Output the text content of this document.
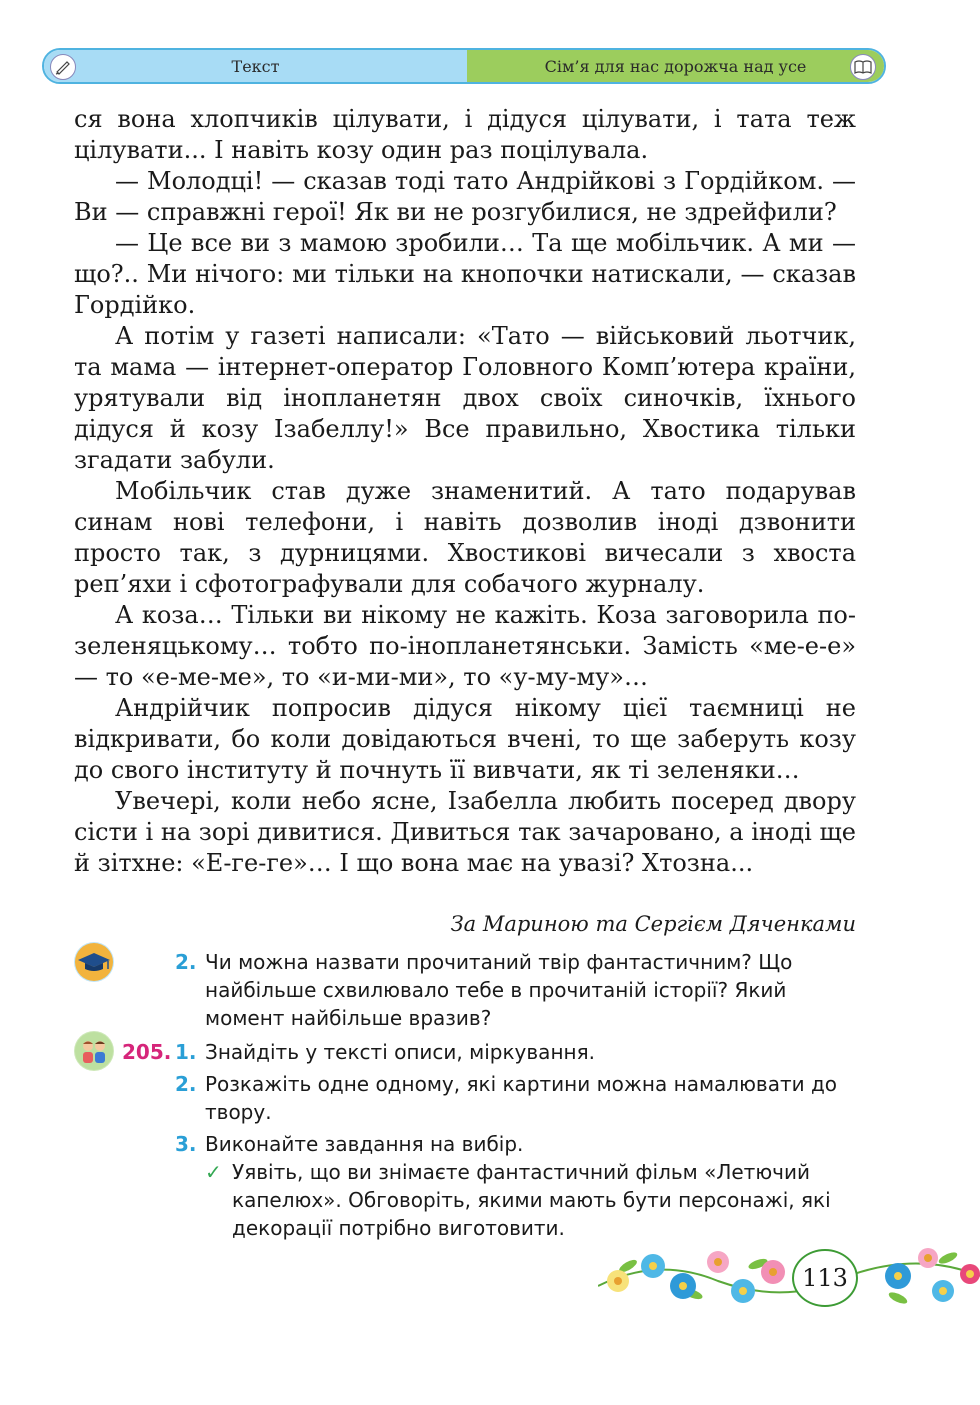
Текст	Сім’я для нас дорожча над усе

ся вона хлопчиків цілувати, і дідуся цілувати, і тата теж цілувати... І навіть козу один раз поцілувала.

— Молодці! — сказав тоді тато Андрійкові з Гордійком. — Ви — справжні герої! Як ви не розгубилися, не здрейфили?

— Це все ви з мамою зробили… Та ще мобільчик. А ми — що?.. Ми нічого: ми тільки на кнопочки натискали, — сказав Гордійко.

А потім у газеті написали: «Тато — військовий льотчик, та мама — інтернет-оператор Головного Комп’ютера країни, урятували від інопланетян двох своїх синочків, їхнього дідуся й козу Ізабеллу!» Все правильно, Хвостика тільки згадати забули.

Мобільчик став дуже знаменитий. А тато подарував синам нові телефони, і навіть дозволив іноді дзвонити просто так, з дурницями. Хвостикові вичесали з хвоста реп’яхи і сфотографували для собачого журналу.

А коза… Тільки ви нікому не кажіть. Коза заговорила по-зеленяцькому… тобто по-інопланетянськи. Замість «ме-е-е» — то «е-ме-ме», то «и-ми-ми», то «у-му-му»…

Андрійчик попросив дідуся нікому цієї таємниці не відкривати, бо коли довідаються вчені, то ще заберуть козу до свого інституту й почнуть її вивчати, як ті зеленяки…

Увечері, коли небо ясне, Ізабелла любить посеред двору сісти і на зорі дивитися. Дивиться так зачаровано, а іноді ще й зітхне: «Е-ге-ге»… І що вона має на увазі? Хтозна...

За Мариною та Сергієм Дяченками
2. Чи можна назвати прочитаний твір фантастичним? Що найбільше схвилювало тебе в прочитаній історії? Який момент найбільше вразив?
205. 1. Знайдіть у тексті описи, міркування.
2. Розкажіть одне одному, які картини можна намалювати до твору.
3. Виконайте завдання на вибір.
✓ Уявіть, що ви знімаєте фантастичний фільм «Летючий капелюх». Обговоріть, якими мають бути персонажі, які декорації потрібно виготовити.
113
